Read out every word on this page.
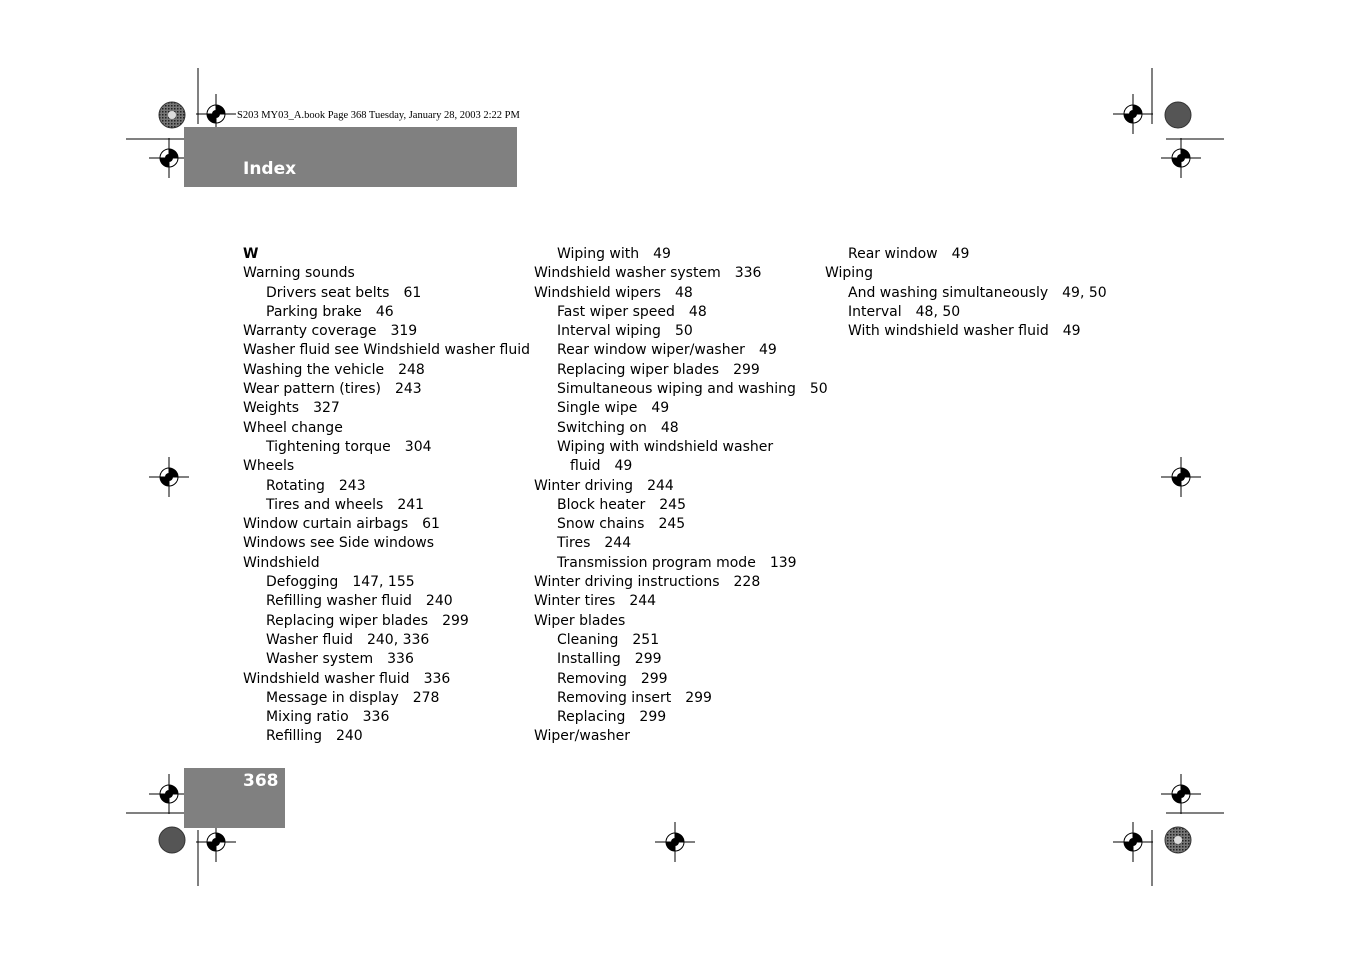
S203 MY03_A.book Page 368 Tuesday, January 28, 2003 2:22 PM
Index
W
Warning sounds
Drivers seat belts 61
Parking brake 46
Warranty coverage 319
Washer fluid see Windshield washer fluid
Washing the vehicle 248
Wear pattern (tires) 243
Weights 327
Wheel change
Tightening torque 304
Wheels
Rotating 243
Tires and wheels 241
Window curtain airbags 61
Windows see Side windows
Windshield
Defogging 147, 155
Refilling washer fluid 240
Replacing wiper blades 299
Washer fluid 240, 336
Washer system 336
Windshield washer fluid 336
Message in display 278
Mixing ratio 336
Refilling 240
Wiping with 49
Windshield washer system 336
Windshield wipers 48
Fast wiper speed 48
Interval wiping 50
Rear window wiper/washer 49
Replacing wiper blades 299
Simultaneous wiping and washing 50
Single wipe 49
Switching on 48
Wiping with windshield washer
fluid 49
Winter driving 244
Block heater 245
Snow chains 245
Tires 244
Transmission program mode 139
Winter driving instructions 228
Winter tires 244
Wiper blades
Cleaning 251
Installing 299
Removing 299
Removing insert 299
Replacing 299
Wiper/washer
Rear window 49
Wiping
And washing simultaneously 49, 50
Interval 48, 50
With windshield washer fluid 49
368
